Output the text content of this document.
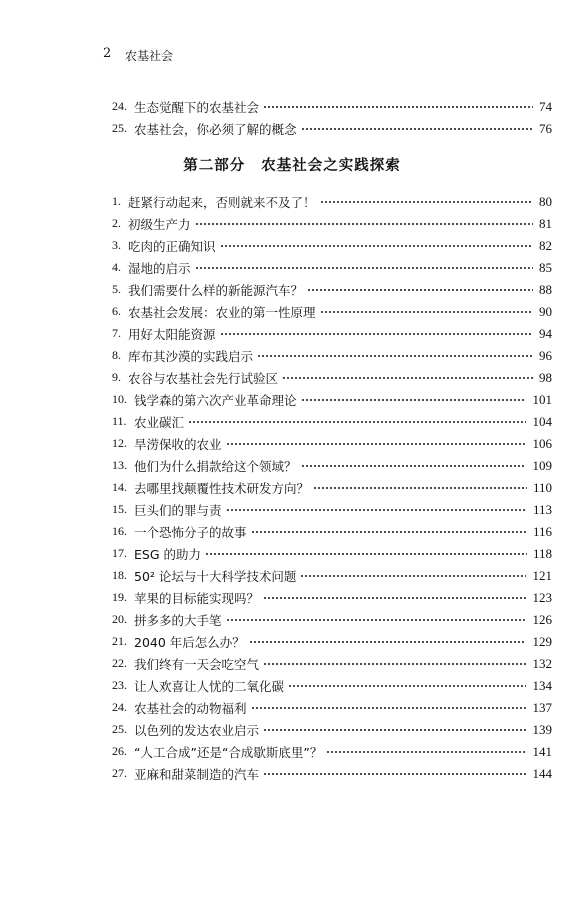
2 农基社会
24. 生态觉醒下的农基社会	74
25. 农基社会，你必须了解的概念	76
第二部分 农基社会之实践探索
1. 赶紧行动起来，否则就来不及了！	80
2. 初级生产力	81
3. 吃肉的正确知识	82
4. 湿地的启示	85
5. 我们需要什么样的新能源汽车？	88
6. 农基社会发展：农业的第一性原理	90
7. 用好太阳能资源	94
8. 库布其沙漠的实践启示	96
9. 农谷与农基社会先行试验区	98
10. 钱学森的第六次产业革命理论	101
11. 农业碳汇	104
12. 旱涝保收的农业	106
13. 他们为什么捐款给这个领域？	109
14. 去哪里找颠覆性技术研发方向？	110
15. 巨头们的罪与责	113
16. 一个恐怖分子的故事	116
17. ESG 的助力	118
18. 50² 论坛与十大科学技术问题	121
19. 苹果的目标能实现吗？	123
20. 拼多多的大手笔	126
21. 2040 年后怎么办？	129
22. 我们终有一天会吃空气	132
23. 让人欢喜让人忧的二氧化碳	134
24. 农基社会的动物福利	137
25. 以色列的发达农业启示	139
26. “人工合成”还是“合成歇斯底里”？	141
27. 亚麻和甜菜制造的汽车	144
